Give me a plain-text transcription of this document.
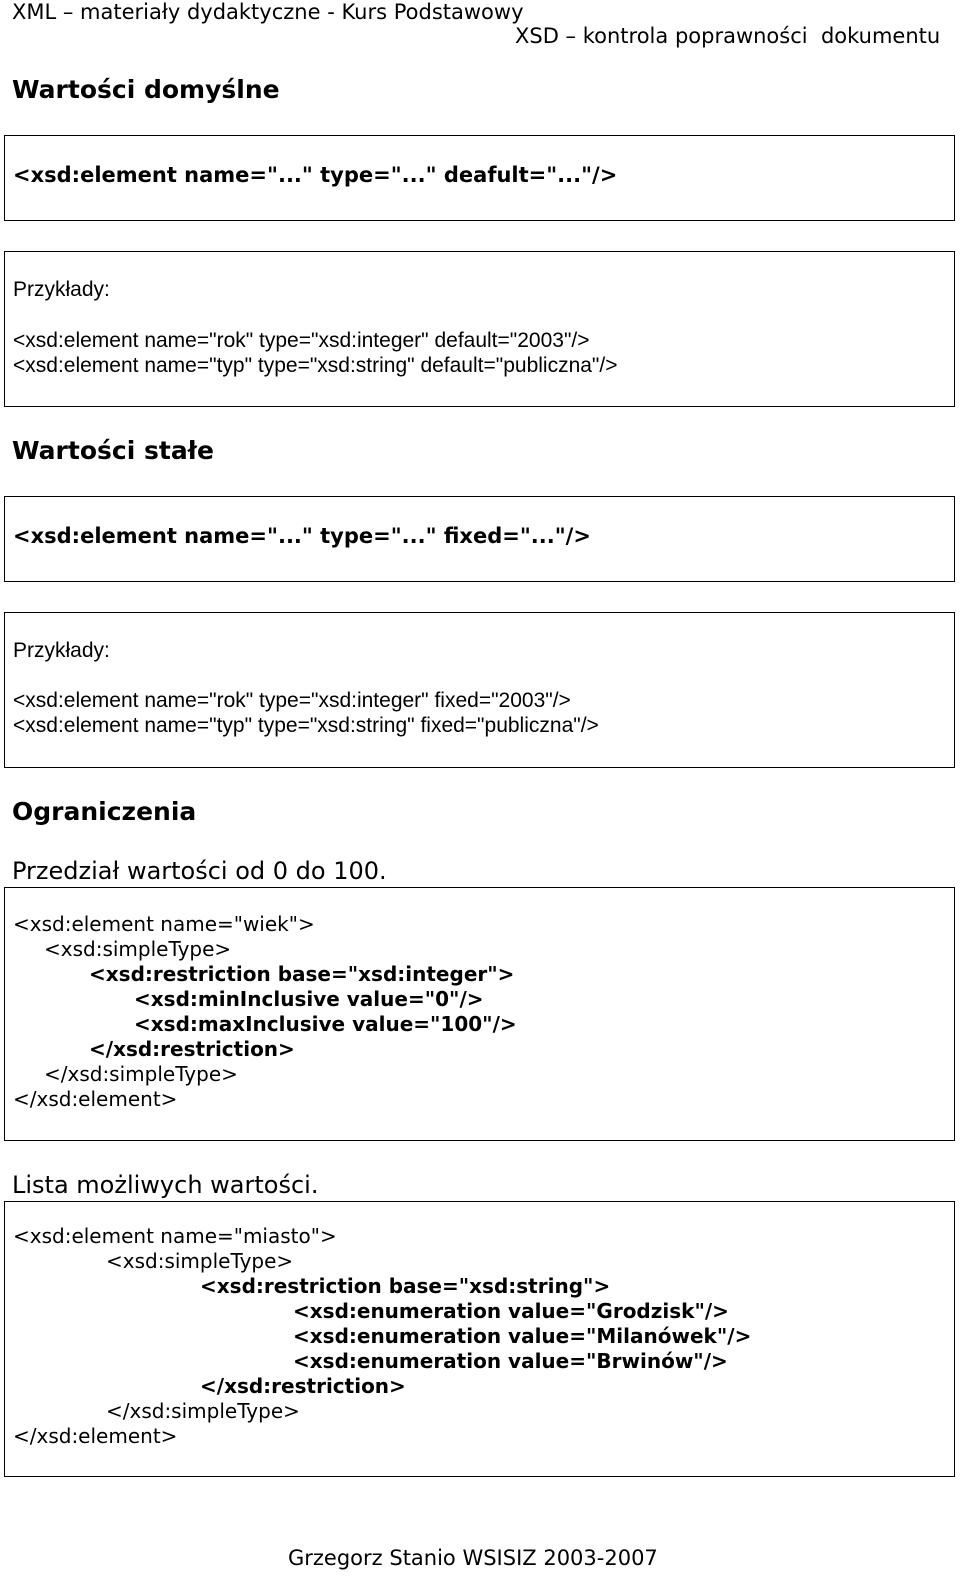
XML – materiały dydaktyczne - Kurs Podstawowy
XSD – kontrola poprawności  dokumentu
Wartości domyślne
<xsd:element name="..." type="..." deafult="..."/>
Przykłady:
<xsd:element name="rok" type="xsd:integer" default="2003"/>
<xsd:element name="typ" type="xsd:string" default="publiczna"/>
Wartości stałe
<xsd:element name="..." type="..." fixed="..."/>
Przykłady:
<xsd:element name="rok" type="xsd:integer" fixed="2003"/>
<xsd:element name="typ" type="xsd:string" fixed="publiczna"/>
Ograniczenia
Przedział wartości od 0 do 100.
<xsd:element name="wiek">
<xsd:simpleType>
<xsd:restriction base="xsd:integer">
<xsd:minInclusive value="0"/>
<xsd:maxInclusive value="100"/>
</xsd:restriction>
</xsd:simpleType>
</xsd:element>
Lista możliwych wartości.
<xsd:element name="miasto">
<xsd:simpleType>
<xsd:restriction base="xsd:string">
<xsd:enumeration value="Grodzisk"/>
<xsd:enumeration value="Milanówek"/>
<xsd:enumeration value="Brwinów"/>
</xsd:restriction>
</xsd:simpleType>
</xsd:element>
Grzegorz Stanio WSISIZ 2003-2007
